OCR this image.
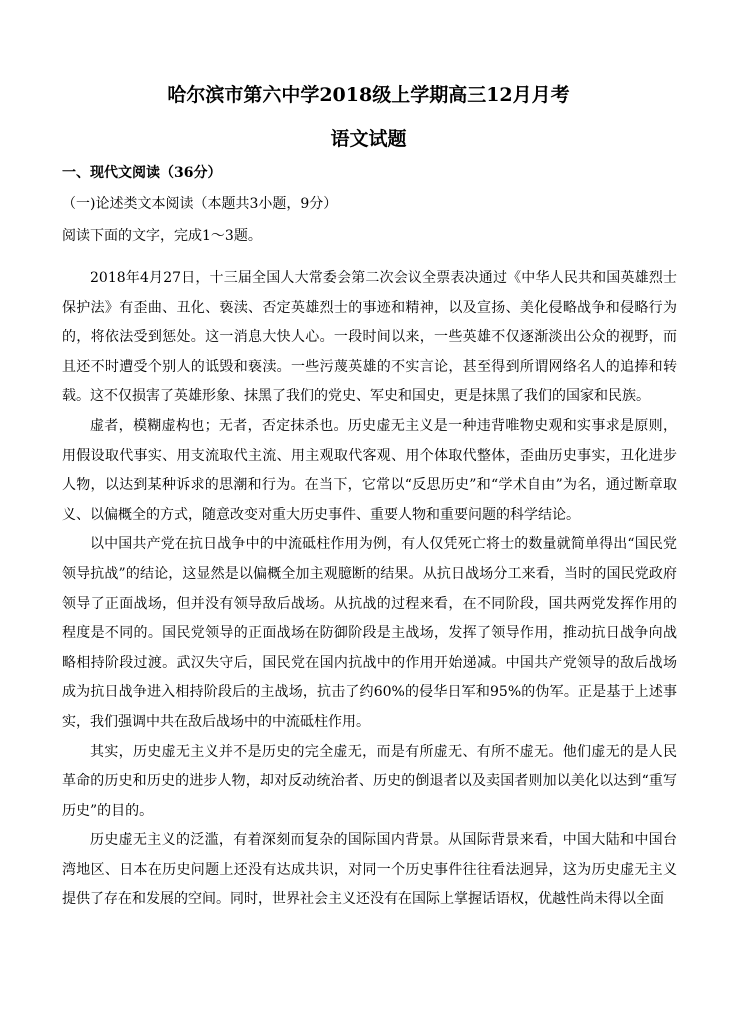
哈尔滨市第六中学2018级上学期高三12月月考
语文试题
一、现代文阅读（36分）
（一)论述类文本阅读（本题共3小题，9分）
阅读下面的文字，完成1～3题。

2018年4月27日，十三届全国人大常委会第二次会议全票表决通过《中华人民共和国英雄烈士保护法》有歪曲、丑化、亵渎、否定英雄烈士的事迹和精神，以及宣扬、美化侵略战争和侵略行为的，将依法受到惩处。这一消息大快人心。一段时间以来，一些英雄不仅逐渐淡出公众的视野，而且还不时遭受个别人的诋毁和亵渎。一些污蔑英雄的不实言论，甚至得到所谓网络名人的追捧和转载。这不仅损害了英雄形象、抹黑了我们的党史、军史和国史，更是抹黑了我们的国家和民族。

虚者，模糊虚构也；无者，否定抹杀也。历史虚无主义是一种违背唯物史观和实事求是原则，用假设取代事实、用支流取代主流、用主观取代客观、用个体取代整体，歪曲历史事实，丑化进步人物，以达到某种诉求的思潮和行为。在当下，它常以“反思历史”和“学术自由”为名，通过断章取义、以偏概全的方式，随意改变对重大历史事件、重要人物和重要问题的科学结论。

以中国共产党在抗日战争中的中流砥柱作用为例，有人仅凭死亡将士的数量就简单得出“国民党领导抗战”的结论，这显然是以偏概全加主观臆断的结果。从抗日战场分工来看，当时的国民党政府领导了正面战场，但并没有领导敌后战场。从抗战的过程来看，在不同阶段，国共两党发挥作用的程度是不同的。国民党领导的正面战场在防御阶段是主战场，发挥了领导作用，推动抗日战争向战略相持阶段过渡。武汉失守后，国民党在国内抗战中的作用开始递减。中国共产党领导的敌后战场成为抗日战争进入相持阶段后的主战场，抗击了约60%的侵华日军和95%的伪军。正是基于上述事实，我们强调中共在敌后战场中的中流砥柱作用。

其实，历史虚无主义并不是历史的完全虚无，而是有所虚无、有所不虚无。他们虚无的是人民革命的历史和历史的进步人物，却对反动统治者、历史的倒退者以及卖国者则加以美化以达到“重写历史”的目的。

历史虚无主义的泛滥，有着深刻而复杂的国际国内背景。从国际背景来看，中国大陆和中国台湾地区、日本在历史问题上还没有达成共识，对同一个历史事件往往看法迥异，这为历史虚无主义提供了存在和发展的空间。同时，世界社会主义还没有在国际上掌握话语权，优越性尚未得以全面
